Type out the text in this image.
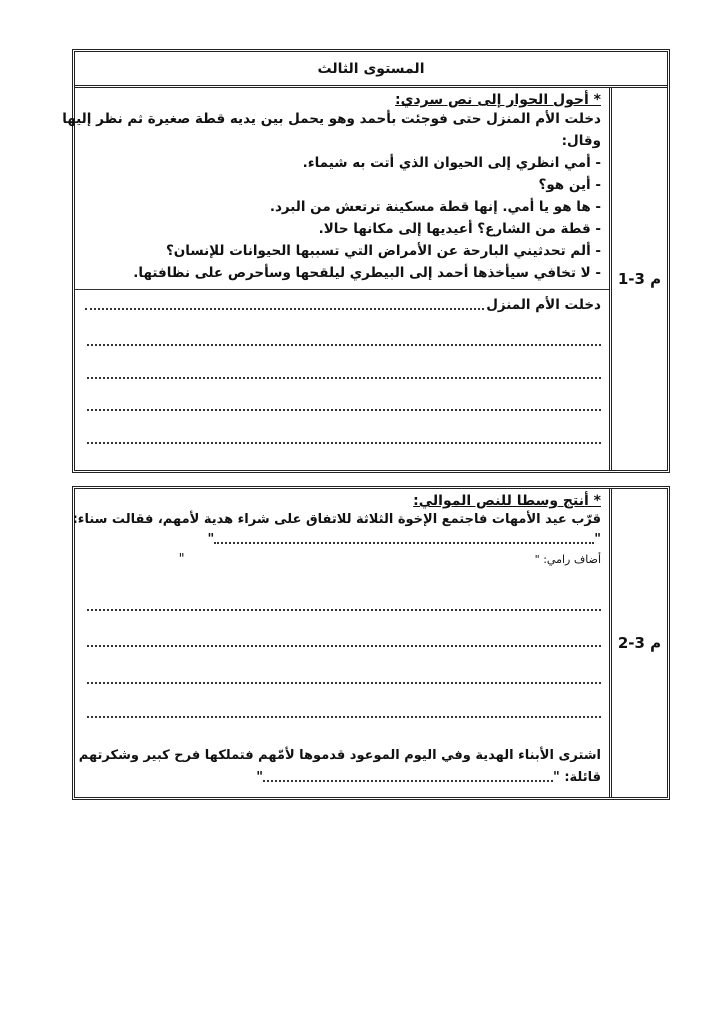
المستوى الثالث
م 3-1
* أحول الحوار إلى نص سردي:
دخلت الأم المنزل حتى فوجئت بأحمد وهو يحمل بين يديه قطة صغيرة ثم نظر إليها
وقال:
- أمي انظري إلى الحيوان الذي أتت به شيماء.
- أين هو؟
- ها هو يا أمي. إنها قطة مسكينة ترتعش من البرد.
- قطة من الشارع؟ أعيديها إلى مكانها حالا.
- ألم تحدثيني البارحة عن الأمراض التي تسببها الحيوانات للإنسان؟
- لا تخافي سيأخذها أحمد إلى البيطري ليلقحها وسأحرص على نظافتها.
دخلت الأم المنزل
م 3-2
* أنتج وسطا للنص الموالي:
قرّب عيد الأمهات فاجتمع الإخوة الثلاثة للاتفاق على شراء هدية لأمهم، فقالت سناء:
"
"
أضاف رامي: "
"
اشترى الأبناء الهدية وفي اليوم الموعود قدموها لأمّهم فتملكها فرح كبير وشكرتهم
قائلة: "
"
